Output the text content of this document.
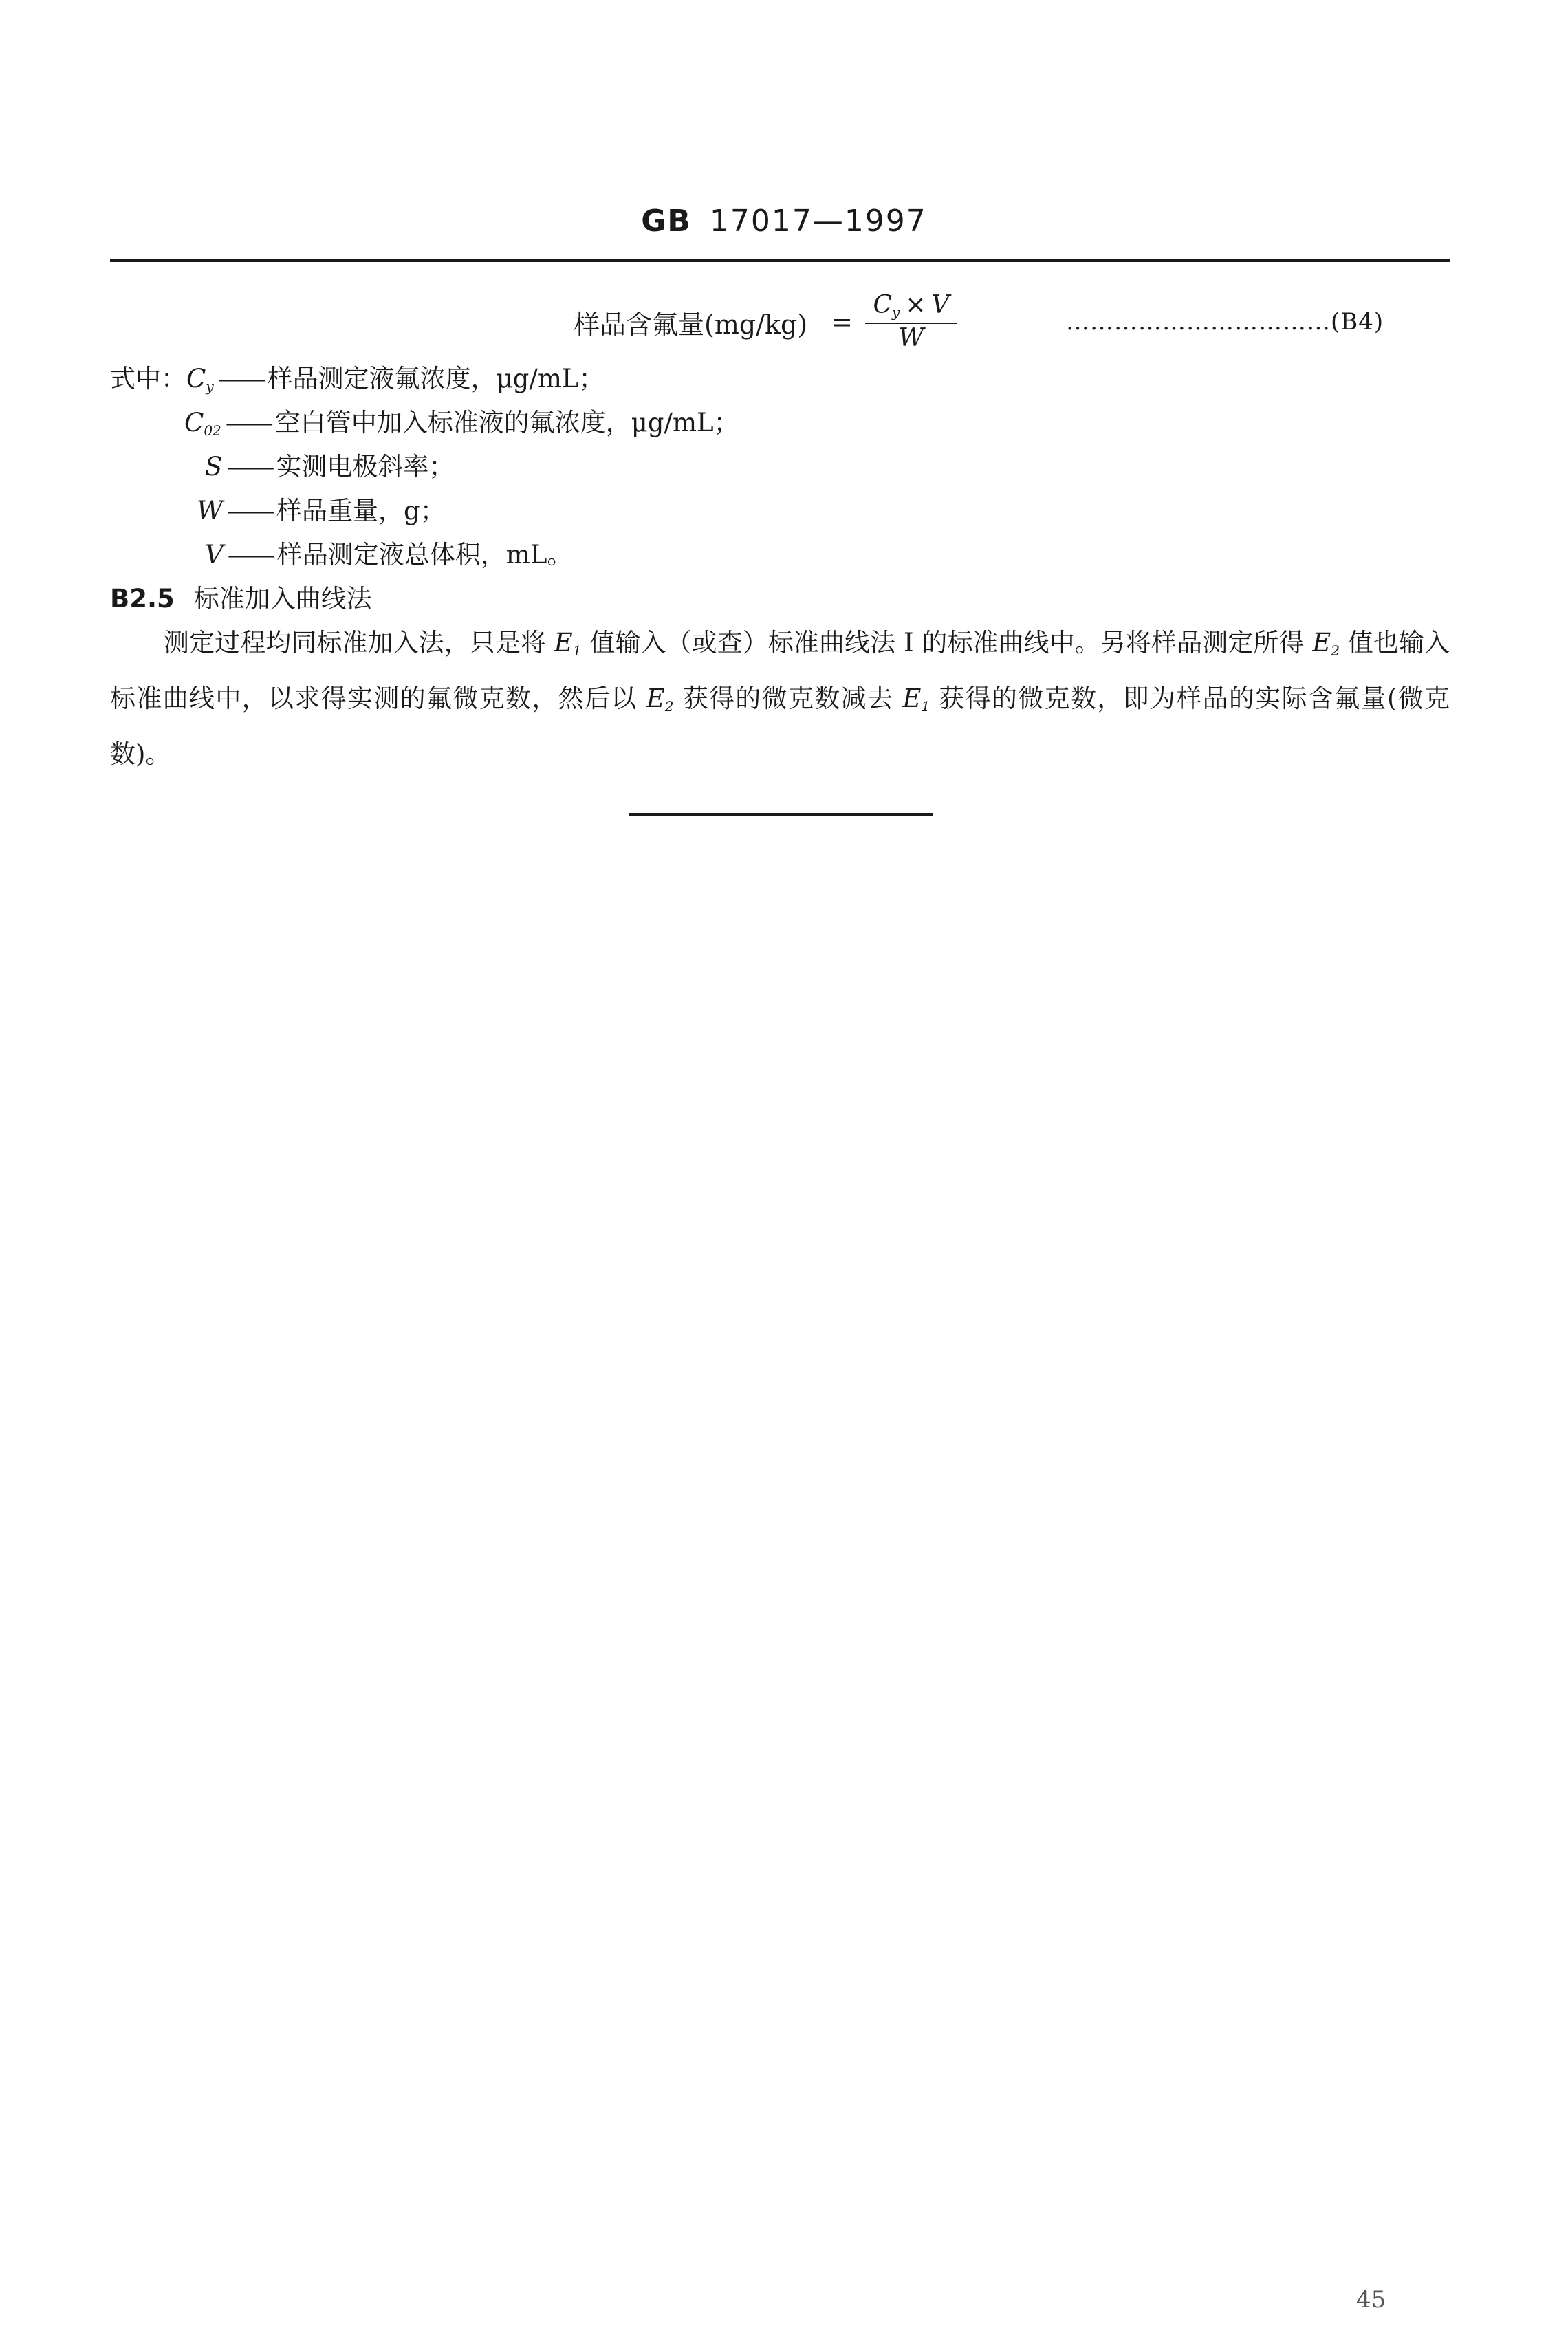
GB 17017—1997
样品含氟量$(mg/kg) = \frac{C_y \times V}{W}$	……………………………(B4)
式中：$C_y$ —— 样品测定液氟浓度，μg/mL；
$C_{02}$ —— 空白管中加入标准液的氟浓度，μg/mL；
S —— 实测电极斜率；
W —— 样品重量，g；
V —— 样品测定液总体积，mL。
B2.5 标准加入曲线法
测定过程均同标准加入法，只是将 $E_1$ 值输入（或查）标准曲线法 I 的标准曲线中。另将样品测定所得 $E_2$ 值也输入标准曲线中，以求得实测的氟微克数，然后以 $E_2$ 获得的微克数减去 $E_1$ 获得的微克数，即为样品的实际含氟量(微克数)。
45
